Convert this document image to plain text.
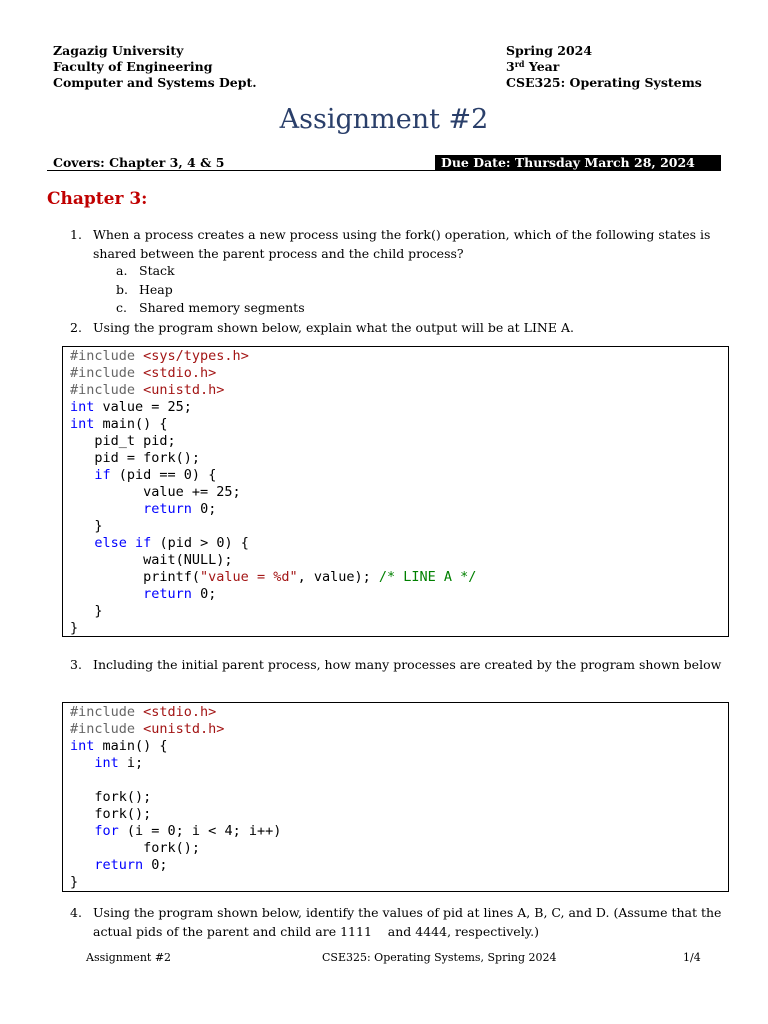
Zagazig University
Faculty of Engineering
Computer and Systems Dept.
Spring 2024
3rd Year
CSE325: Operating Systems
Assignment #2
Covers: Chapter 3, 4 & 5	Due Date: Thursday March 28, 2024
Chapter 3:
1. When a process creates a new process using the fork() operation, which of the following states is shared between the parent process and the child process?
a. Stack
b. Heap
c. Shared memory segments
2. Using the program shown below, explain what the output will be at LINE A.
#include <sys/types.h>
#include <stdio.h>
#include <unistd.h>
int value = 25;
int main() {
pid_t pid;
pid = fork();
if (pid == 0) {
value += 25;
return 0;
}
else if (pid > 0) {
wait(NULL);
printf("value = %d", value); /* LINE A */
return 0;
}
}
3. Including the initial parent process, how many processes are created by the program shown below
#include <stdio.h>
#include <unistd.h>
int main() {
int i;
fork();
fork();
for (i = 0; i < 4; i++)
fork();
return 0;
}
4. Using the program shown below, identify the values of pid at lines A, B, C, and D. (Assume that the actual pids of the parent and child are 1111    and 4444, respectively.)
Assignment #2	CSE325: Operating Systems, Spring 2024	1/4
